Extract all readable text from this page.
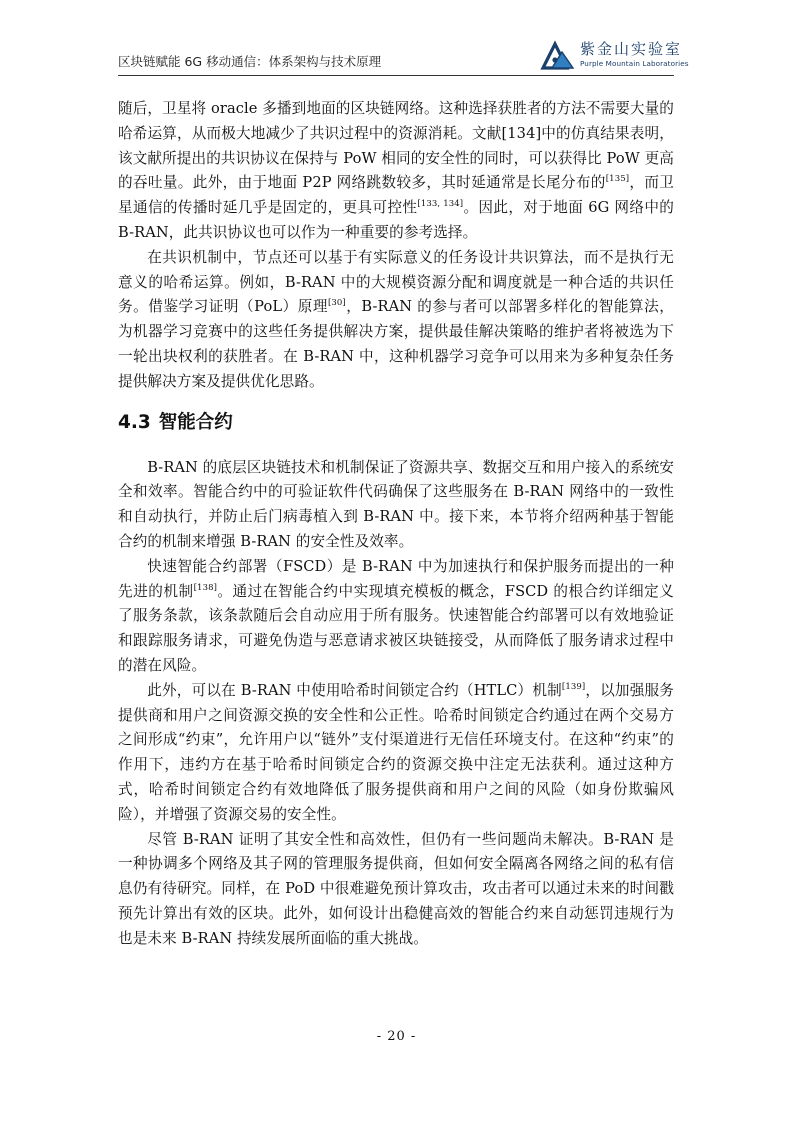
区块链赋能 6G 移动通信：体系架构与技术原理
紫金山实验室
Purple Mountain Laboratories

随后，卫星将 oracle 多播到地面的区块链网络。这种选择获胜者的方法不需要大量的哈希运算，从而极大地减少了共识过程中的资源消耗。文献[134]中的仿真结果表明，该文献所提出的共识协议在保持与 PoW 相同的安全性的同时，可以获得比 PoW 更高的吞吐量。此外，由于地面 P2P 网络跳数较多，其时延通常是长尾分布的[135]，而卫星通信的传播时延几乎是固定的，更具可控性[133, 134]。因此，对于地面 6G 网络中的 B-RAN，此共识协议也可以作为一种重要的参考选择。

在共识机制中，节点还可以基于有实际意义的任务设计共识算法，而不是执行无意义的哈希运算。例如，B-RAN 中的大规模资源分配和调度就是一种合适的共识任务。借鉴学习证明（PoL）原理[30]，B-RAN 的参与者可以部署多样化的智能算法，为机器学习竞赛中的这些任务提供解决方案，提供最佳解决策略的维护者将被选为下一轮出块权利的获胜者。在 B-RAN 中，这种机器学习竞争可以用来为多种复杂任务提供解决方案及提供优化思路。

4.3 智能合约

B-RAN 的底层区块链技术和机制保证了资源共享、数据交互和用户接入的系统安全和效率。智能合约中的可验证软件代码确保了这些服务在 B-RAN 网络中的一致性和自动执行，并防止后门病毒植入到 B-RAN 中。接下来，本节将介绍两种基于智能合约的机制来增强 B-RAN 的安全性及效率。

快速智能合约部署（FSCD）是 B-RAN 中为加速执行和保护服务而提出的一种先进的机制[138]。通过在智能合约中实现填充模板的概念，FSCD 的根合约详细定义了服务条款，该条款随后会自动应用于所有服务。快速智能合约部署可以有效地验证和跟踪服务请求，可避免伪造与恶意请求被区块链接受，从而降低了服务请求过程中的潜在风险。

此外，可以在 B-RAN 中使用哈希时间锁定合约（HTLC）机制[139]，以加强服务提供商和用户之间资源交换的安全性和公正性。哈希时间锁定合约通过在两个交易方之间形成“约束”，允许用户以“链外”支付渠道进行无信任环境支付。在这种“约束”的作用下，违约方在基于哈希时间锁定合约的资源交换中注定无法获利。通过这种方式，哈希时间锁定合约有效地降低了服务提供商和用户之间的风险（如身份欺骗风险），并增强了资源交易的安全性。

尽管 B-RAN 证明了其安全性和高效性，但仍有一些问题尚未解决。B-RAN 是一种协调多个网络及其子网的管理服务提供商，但如何安全隔离各网络之间的私有信息仍有待研究。同样，在 PoD 中很难避免预计算攻击，攻击者可以通过未来的时间戳预先计算出有效的区块。此外，如何设计出稳健高效的智能合约来自动惩罚违规行为也是未来 B-RAN 持续发展所面临的重大挑战。

- 20 -
